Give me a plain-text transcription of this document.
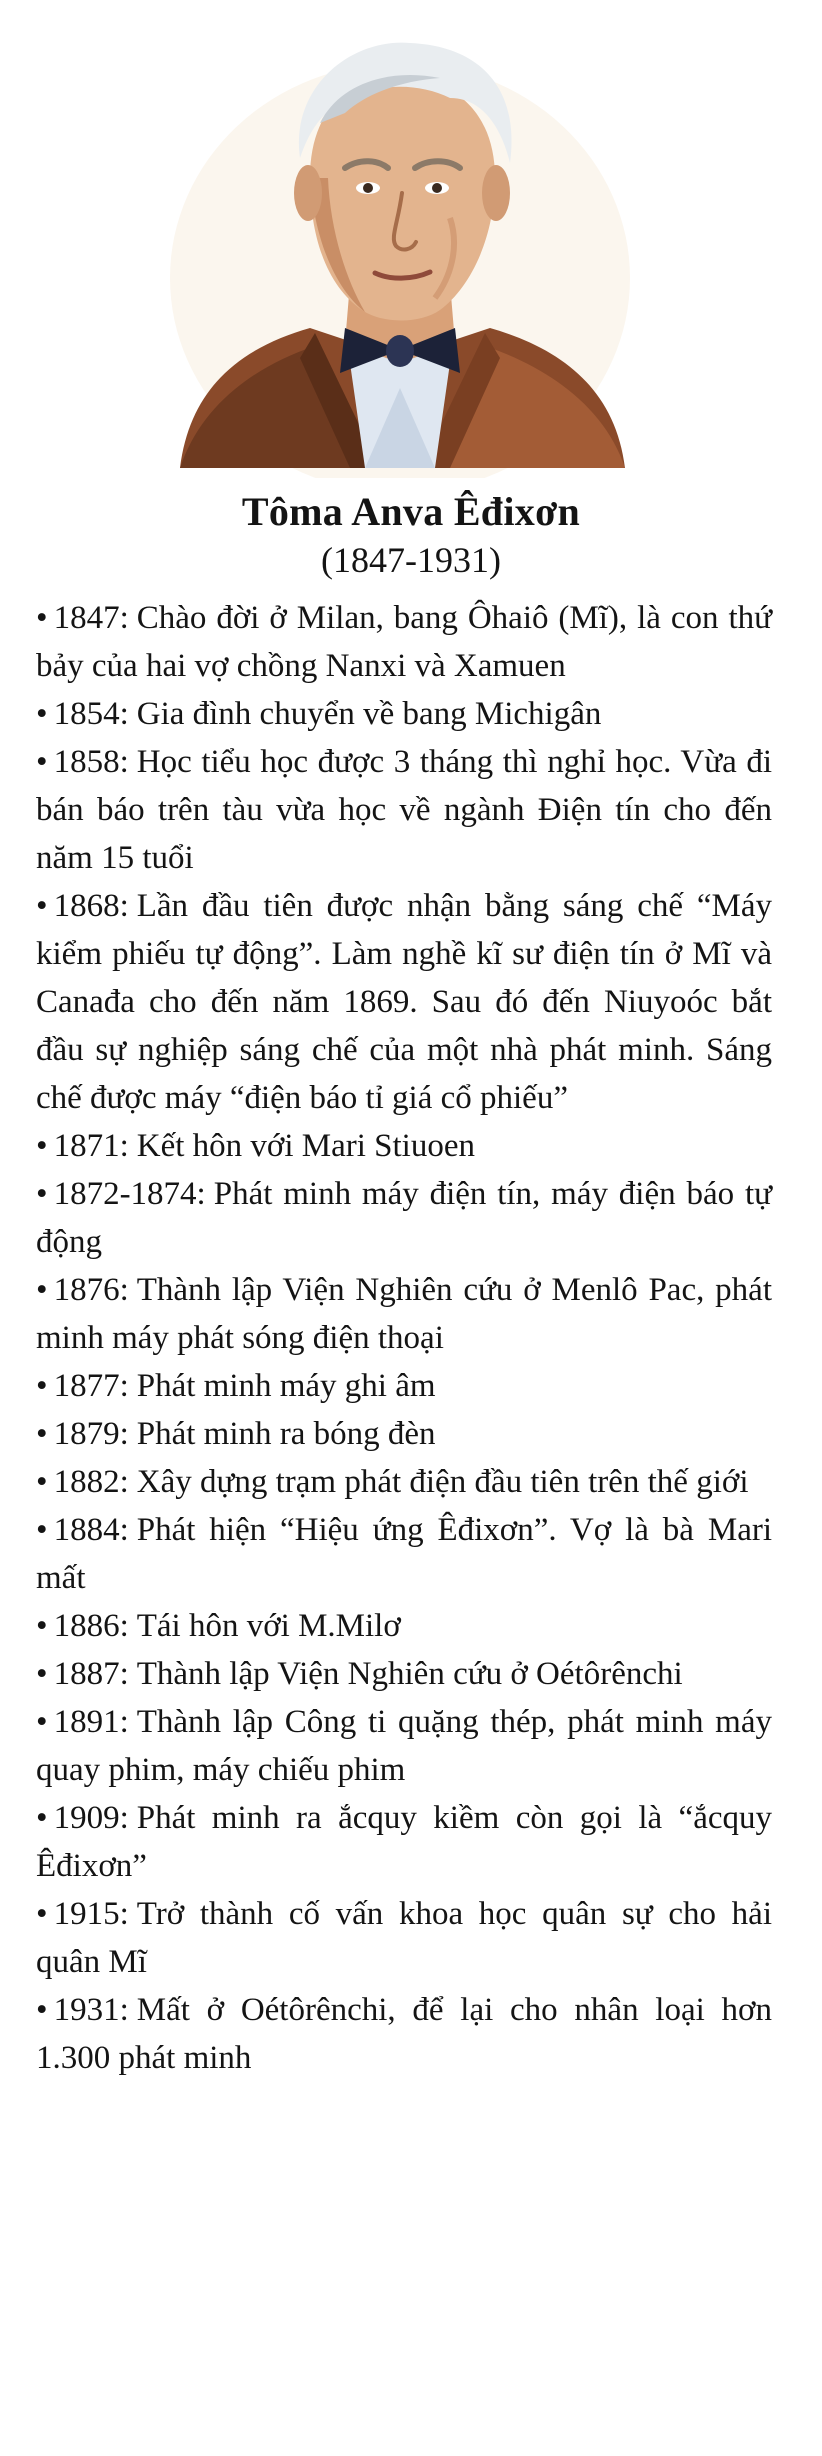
Tôma Anva Êđixơn
(1847-1931)
• 1847: Chào đời ở Milan, bang Ôhaiô (Mĩ), là con thứ bảy của hai vợ chồng Nanxi và Xamuen
• 1854: Gia đình chuyển về bang Michigân
• 1858: Học tiểu học được 3 tháng thì nghỉ học. Vừa đi bán báo trên tàu vừa học về ngành Điện tín cho đến năm 15 tuổi
• 1868: Lần đầu tiên được nhận bằng sáng chế “Máy kiểm phiếu tự động”. Làm nghề kĩ sư điện tín ở Mĩ và Canađa cho đến năm 1869. Sau đó đến Niuyoóc bắt đầu sự nghiệp sáng chế của một nhà phát minh. Sáng chế được máy “điện báo tỉ giá cổ phiếu”
• 1871: Kết hôn với Mari Stiuoen
• 1872-1874: Phát minh máy điện tín, máy điện báo tự động
• 1876: Thành lập Viện Nghiên cứu ở Menlô Pac, phát minh máy phát sóng điện thoại
• 1877: Phát minh máy ghi âm
• 1879: Phát minh ra bóng đèn
• 1882: Xây dựng trạm phát điện đầu tiên trên thế giới
• 1884: Phát hiện “Hiệu ứng Êđixơn”. Vợ là bà Mari mất
• 1886: Tái hôn với M.Milơ
• 1887: Thành lập Viện Nghiên cứu ở Oétôrênchi
• 1891: Thành lập Công ti quặng thép, phát minh máy quay phim, máy chiếu phim
• 1909: Phát minh ra ắcquy kiềm còn gọi là “ắcquy Êđixơn”
• 1915: Trở thành cố vấn khoa học quân sự cho hải quân Mĩ
• 1931: Mất ở Oétôrênchi, để lại cho nhân loại hơn 1.300 phát minh
